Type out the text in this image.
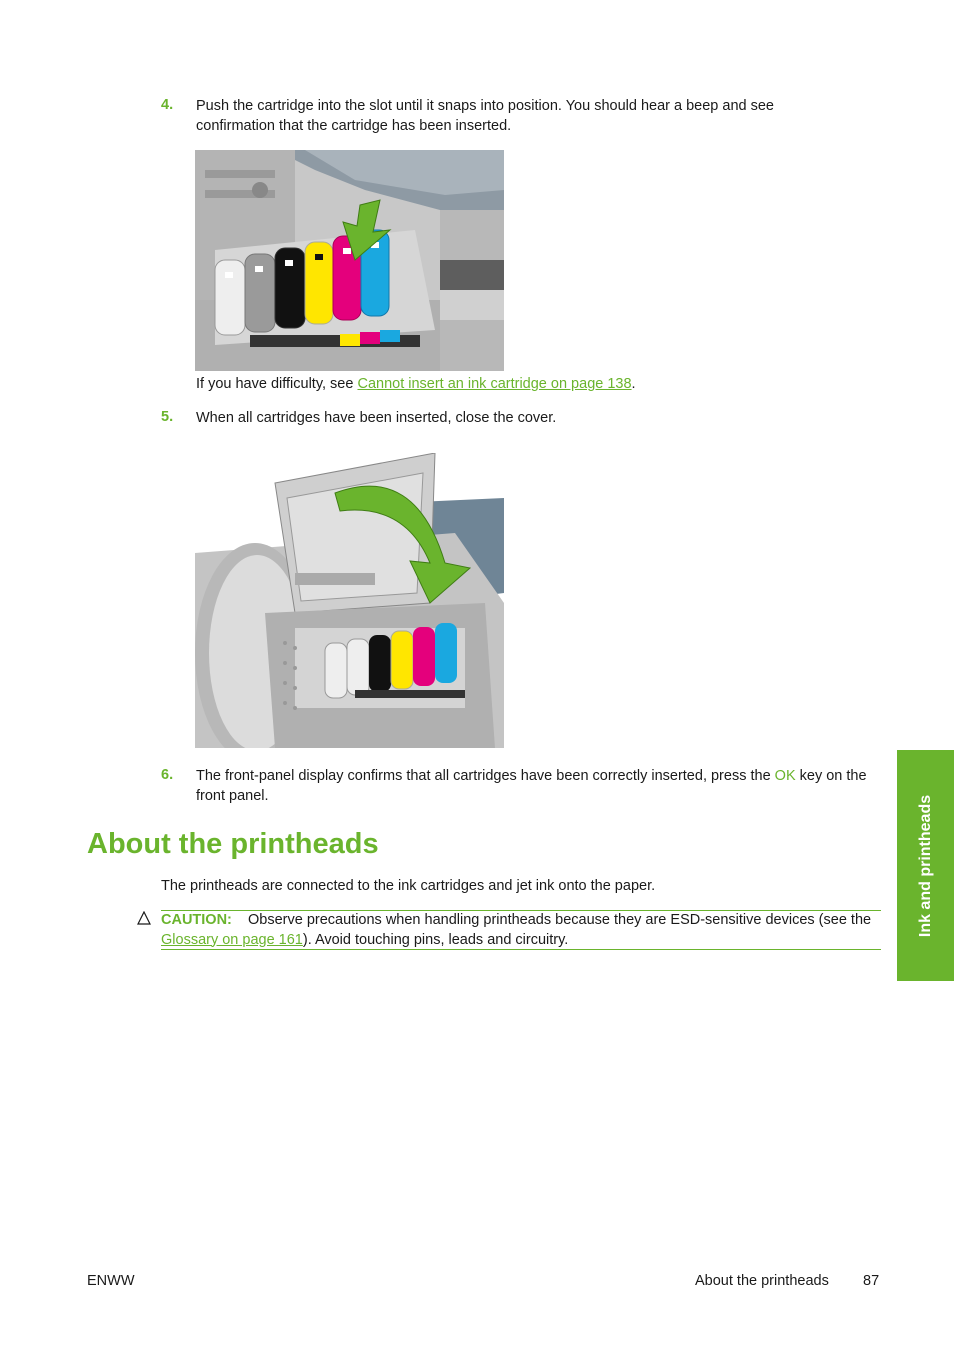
4. Push the cartridge into the slot until it snaps into position. You should hear a beep and see confirmation that the cartridge has been inserted.
If you have difficulty, see Cannot insert an ink cartridge on page 138.
5. When all cartridges have been inserted, close the cover.
6. The front-panel display confirms that all cartridges have been correctly inserted, press the OK key on the front panel.
About the printheads
The printheads are connected to the ink cartridges and jet ink onto the paper.
CAUTION: Observe precautions when handling printheads because they are ESD-sensitive devices (see the Glossary on page 161). Avoid touching pins, leads and circuitry.
Ink and printheads
ENWW	About the printheads 87
